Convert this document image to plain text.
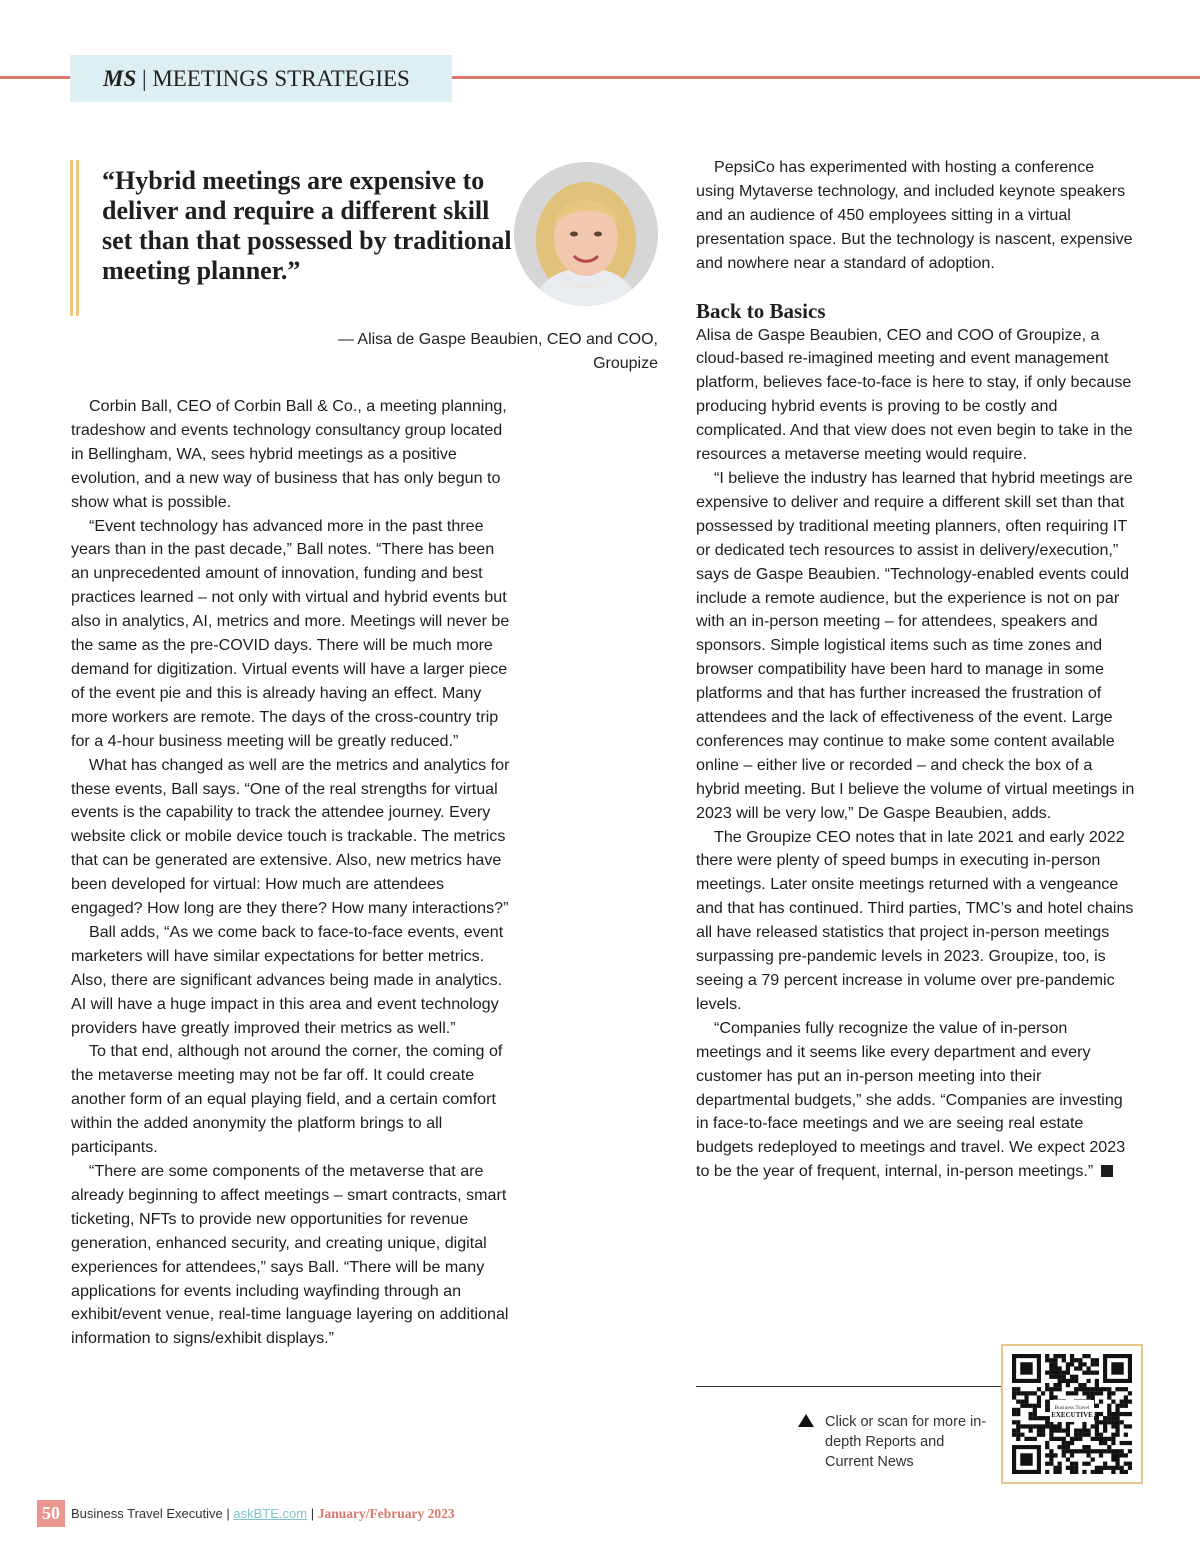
MS | MEETINGS STRATEGIES

“Hybrid meetings are expensive to deliver and require a different skill set than that possessed by traditional meeting planner.”

— Alisa de Gaspe Beaubien, CEO and COO,
Groupize

Corbin Ball, CEO of Corbin Ball & Co., a meeting planning, tradeshow and events technology consultancy group located in Bellingham, WA, sees hybrid meetings as a positive evolution, and a new way of business that has only begun to show what is possible.

“Event technology has advanced more in the past three years than in the past decade,” Ball notes. “There has been an unprecedented amount of innovation, funding and best practices learned – not only with virtual and hybrid events but also in analytics, AI, metrics and more. Meetings will never be the same as the pre-COVID days. There will be much more demand for digitization. Virtual events will have a larger piece of the event pie and this is already having an effect. Many more workers are remote. The days of the cross-country trip for a 4-hour business meeting will be greatly reduced.”

What has changed as well are the metrics and analytics for these events, Ball says. “One of the real strengths for virtual events is the capability to track the attendee journey. Every website click or mobile device touch is trackable. The metrics that can be generated are extensive. Also, new metrics have been developed for virtual: How much are attendees engaged? How long are they there? How many interactions?”

Ball adds, “As we come back to face-to-face events, event marketers will have similar expectations for better metrics. Also, there are significant advances being made in analytics. AI will have a huge impact in this area and event technology providers have greatly improved their metrics as well.”

To that end, although not around the corner, the coming of the metaverse meeting may not be far off. It could create another form of an equal playing field, and a certain comfort within the added anonymity the platform brings to all participants.

“There are some components of the metaverse that are already beginning to affect meetings – smart contracts, smart ticketing, NFTs to provide new opportunities for revenue generation, enhanced security, and creating unique, digital experiences for attendees,” says Ball. “There will be many applications for events including wayfinding through an exhibit/event venue, real-time language layering on additional information to signs/exhibit displays.”

PepsiCo has experimented with hosting a conference using Mytaverse technology, and included keynote speakers and an audience of 450 employees sitting in a virtual presentation space. But the technology is nascent, expensive and nowhere near a standard of adoption.

Back to Basics

Alisa de Gaspe Beaubien, CEO and COO of Groupize, a cloud-based re-imagined meeting and event management platform, believes face-to-face is here to stay, if only because producing hybrid events is proving to be costly and complicated. And that view does not even begin to take in the resources a metaverse meeting would require.

“I believe the industry has learned that hybrid meetings are expensive to deliver and require a different skill set than that possessed by traditional meeting planners, often requiring IT or dedicated tech resources to assist in delivery/execution,” says de Gaspe Beaubien. “Technology-enabled events could include a remote audience, but the experience is not on par with an in-person meeting – for attendees, speakers and sponsors. Simple logistical items such as time zones and browser compatibility have been hard to manage in some platforms and that has further increased the frustration of attendees and the lack of effectiveness of the event. Large conferences may continue to make some content available online – either live or recorded – and check the box of a hybrid meeting. But I believe the volume of virtual meetings in 2023 will be very low,” De Gaspe Beaubien, adds.

The Groupize CEO notes that in late 2021 and early 2022 there were plenty of speed bumps in executing in-person meetings. Later onsite meetings returned with a vengeance and that has continued. Third parties, TMC’s and hotel chains all have released statistics that project in-person meetings surpassing pre-pandemic levels in 2023. Groupize, too, is seeing a 79 percent increase in volume over pre-pandemic levels.

“Companies fully recognize the value of in-person meetings and it seems like every department and every customer has put an in-person meeting into their departmental budgets,” she adds. “Companies are investing in face-to-face meetings and we are seeing real estate budgets redeployed to meetings and travel. We expect 2023 to be the year of frequent, internal, in-person meetings.”

Click or scan for more in-depth Reports and Current News
Business Travel
EXECUTIVE
50 Business Travel Executive | askBTE.com | January/February 2023
